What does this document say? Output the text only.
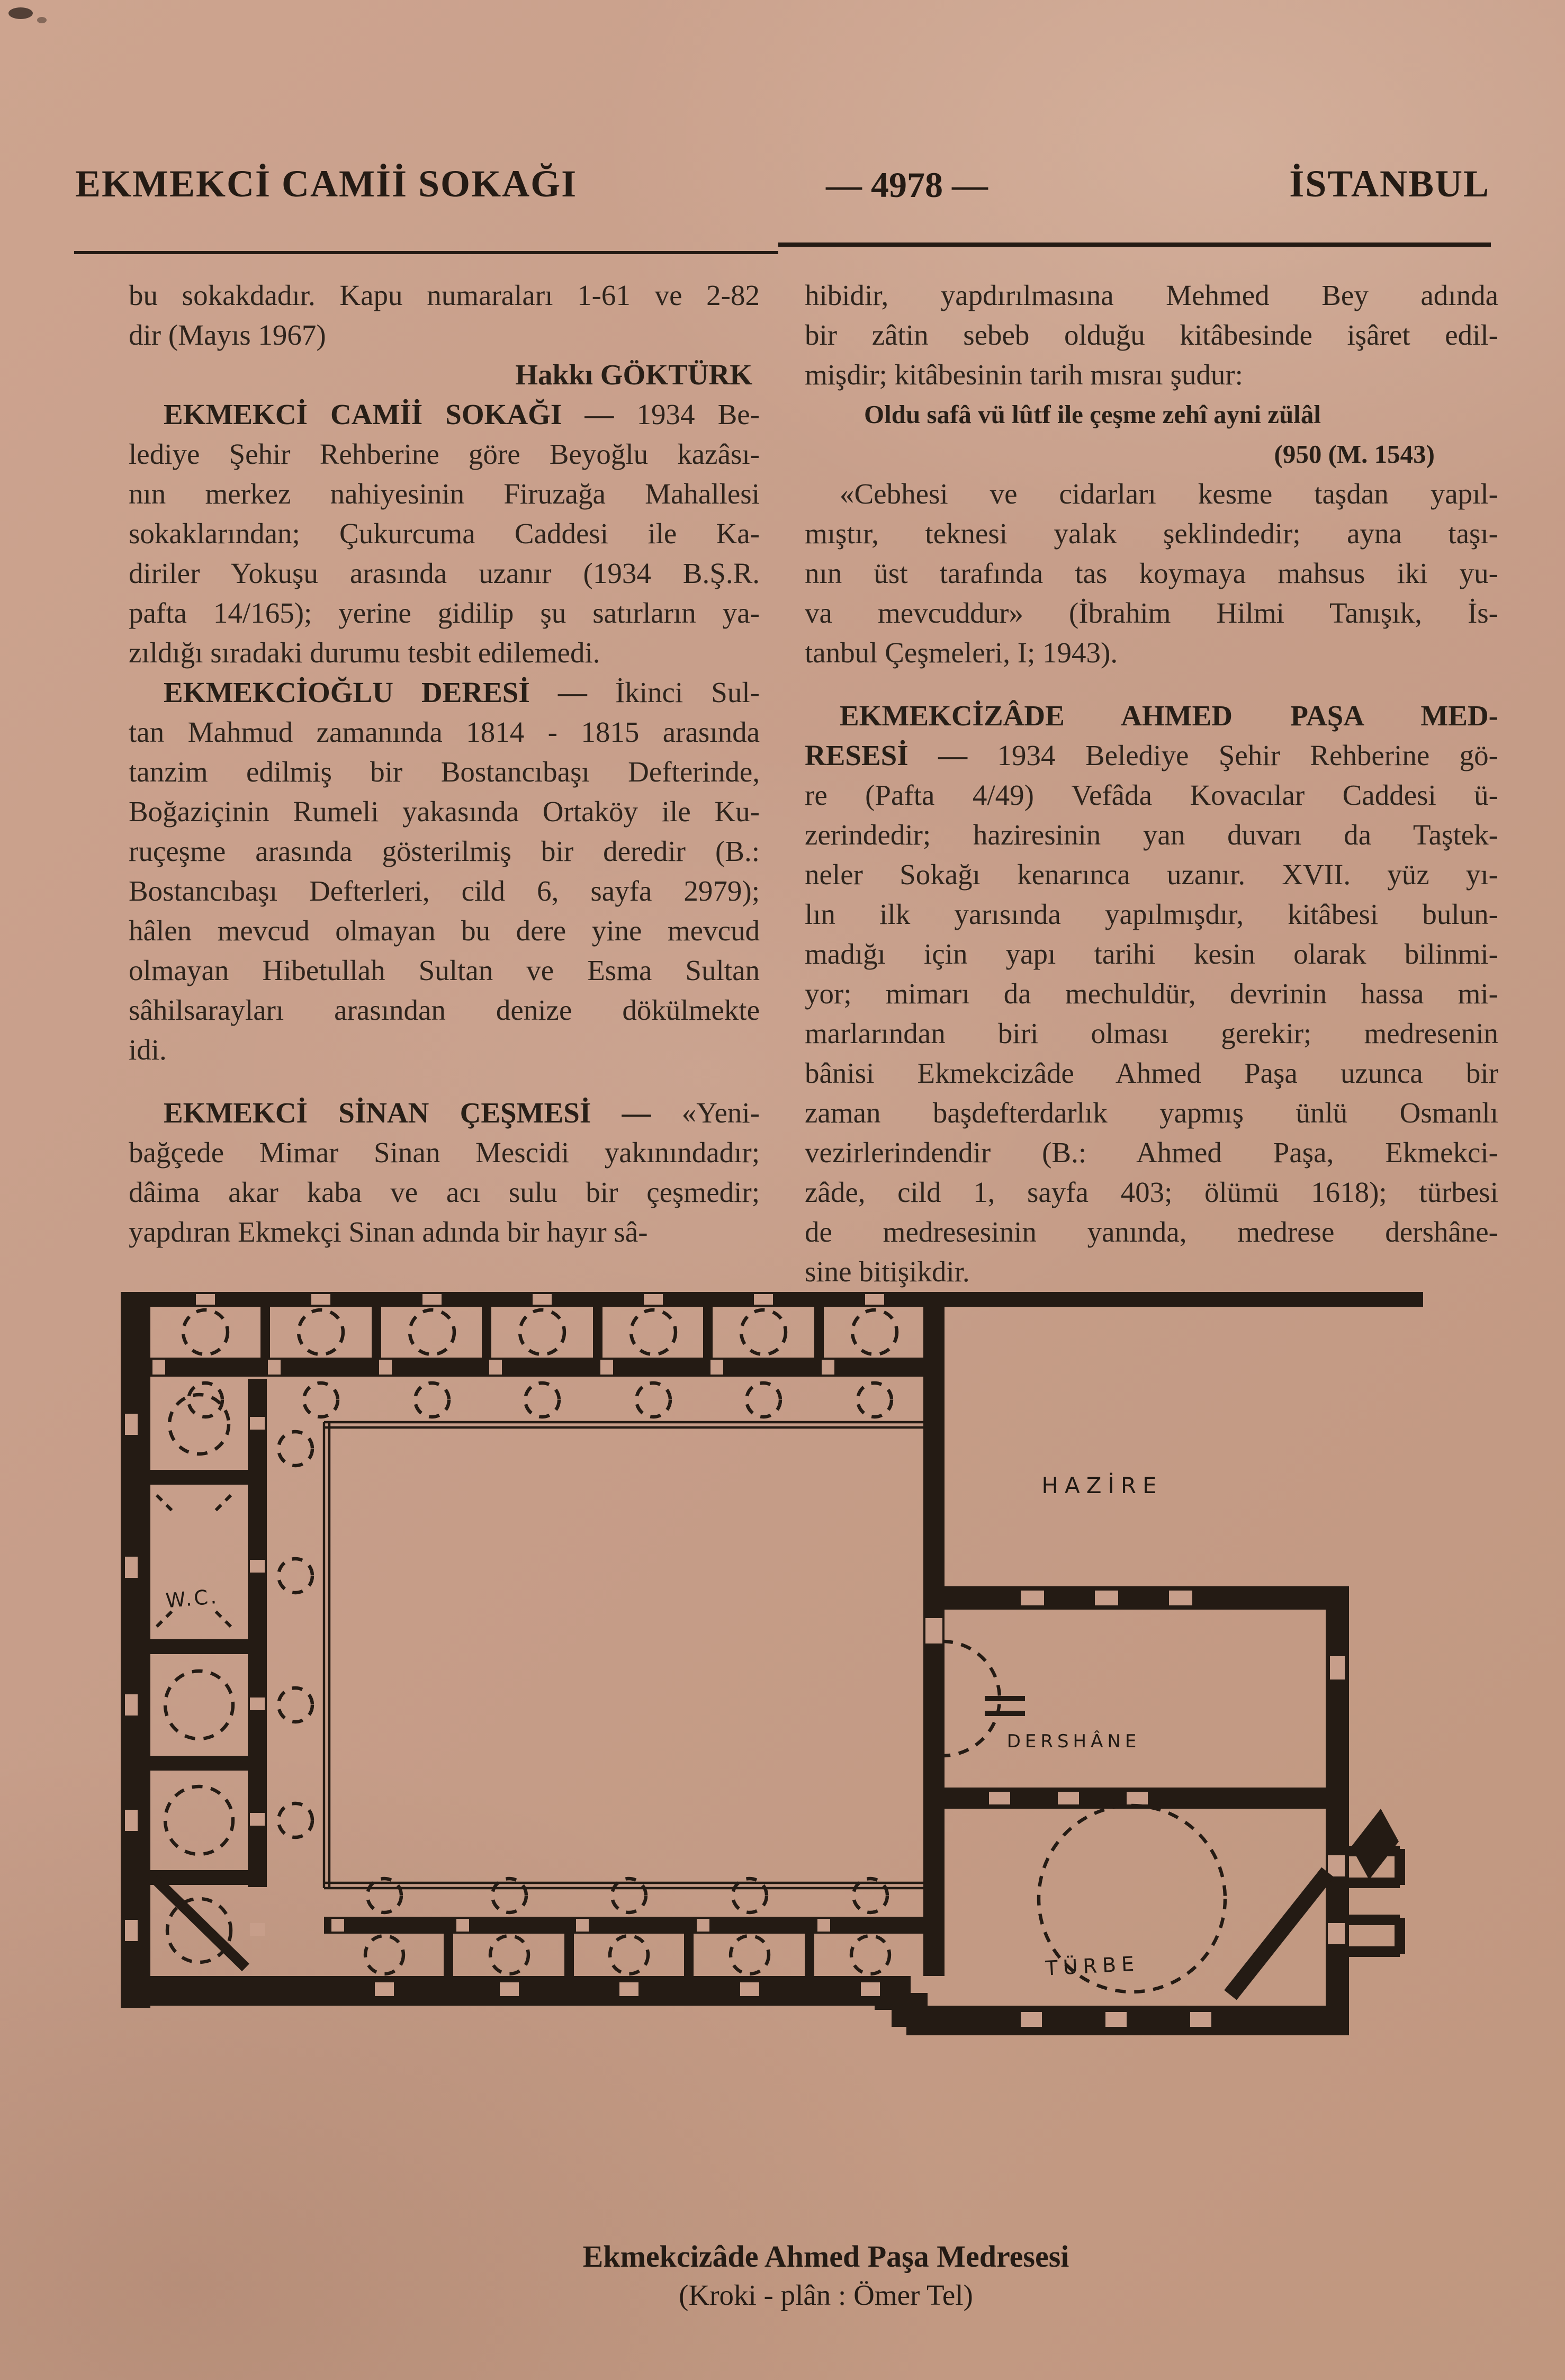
EKMEKCİ CAMİİ SOKAĞI	— 4978 —	İSTANBUL
bu sokakdadır. Kapu numaraları 1-61 ve 2-82
dir (Mayıs 1967)
Hakkı GÖKTÜRK
EKMEKCİ CAMİİ SOKAĞI — 1934 Be-
lediye Şehir Rehberine göre Beyoğlu kazâsı-
nın merkez nahiyesinin Firuzağa Mahallesi
sokaklarından; Çukurcuma Caddesi ile Ka-
diriler Yokuşu arasında uzanır (1934 B.Ş.R.
pafta 14/165); yerine gidilip şu satırların ya-
zıldığı sıradaki durumu tesbit edilemedi.
EKMEKCİOĞLU DERESİ — İkinci Sul-
tan Mahmud zamanında 1814 - 1815 arasında
tanzim edilmiş bir Bostancıbaşı Defterinde,
Boğaziçinin Rumeli yakasında Ortaköy ile Ku-
ruçeşme arasında gösterilmiş bir deredir (B.:
Bostancıbaşı Defterleri, cild 6, sayfa 2979);
hâlen mevcud olmayan bu dere yine mevcud
olmayan Hibetullah Sultan ve Esma Sultan
sâhilsarayları arasından denize dökülmekte
idi.
EKMEKCİ SİNAN ÇEŞMESİ — «Yeni-
bağçede Mimar Sinan Mescidi yakınındadır;
dâima akar kaba ve acı sulu bir çeşmedir;
yapdıran Ekmekçi Sinan adında bir hayır sâ-
hibidir, yapdırılmasına Mehmed Bey adında
bir zâtin sebeb olduğu kitâbesinde işâret edil-
mişdir; kitâbesinin tarih mısraı şudur:
Oldu safâ vü lûtf ile çeşme zehî ayni zülâl
(950 (M. 1543)
«Cebhesi ve cidarları kesme taşdan yapıl-
mıştır, teknesi yalak şeklindedir; ayna taşı-
nın üst tarafında tas koymaya mahsus iki yu-
va mevcuddur» (İbrahim Hilmi Tanışık, İs-
tanbul Çeşmeleri, I; 1943).
EKMEKCİZÂDE AHMED PAŞA MED-
RESESİ — 1934 Belediye Şehir Rehberine gö-
re (Pafta 4/49) Vefâda Kovacılar Caddesi ü-
zerindedir; haziresinin yan duvarı da Taştek-
neler Sokağı kenarınca uzanır. XVII. yüz yı-
lın ilk yarısında yapılmışdır, kitâbesi bulun-
madığı için yapı tarihi kesin olarak bilinmi-
yor; mimarı da mechuldür, devrinin hassa mi-
marlarından biri olması gerekir; medresenin
bânisi Ekmekcizâde Ahmed Paşa uzunca bir
zaman başdefterdarlık yapmış ünlü Osmanlı
vezirlerindendir (B.: Ahmed Paşa, Ekmekci-
zâde, cild 1, sayfa 403; ölümü 1618); türbesi
de medresesinin yanında, medrese dershâne-
sine bitişikdir.
HAZİRE
W.C.
DERSHÂNE
TÜRBE
Ekmekcizâde Ahmed Paşa Medresesi
(Kroki - plân : Ömer Tel)
